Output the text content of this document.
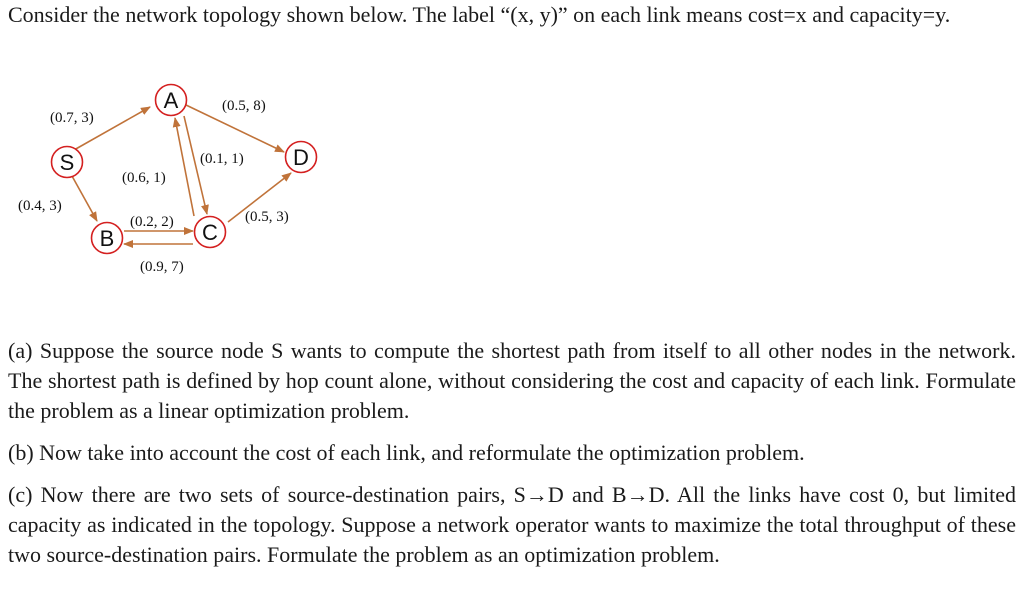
Consider the network topology shown below. The label “(x, y)” on each link means cost=x and capacity=y.

(0.7, 3)
(0.5, 8)
(0.4, 3)
(0.6, 1)
(0.1, 1)
(0.2, 2)
(0.9, 7)
(0.5, 3)
A
S	D
B	C

(a) Suppose the source node S wants to compute the shortest path from itself to all other nodes in the network. The shortest path is defined by hop count alone, without considering the cost and capacity of each link. Formulate the problem as a linear optimization problem.

(b) Now take into account the cost of each link, and reformulate the optimization problem.

(c) Now there are two sets of source-destination pairs, S→D and B→D. All the links have cost 0, but limited capacity as indicated in the topology. Suppose a network operator wants to maximize the total throughput of these two source-destination pairs. Formulate the problem as an optimization problem.
